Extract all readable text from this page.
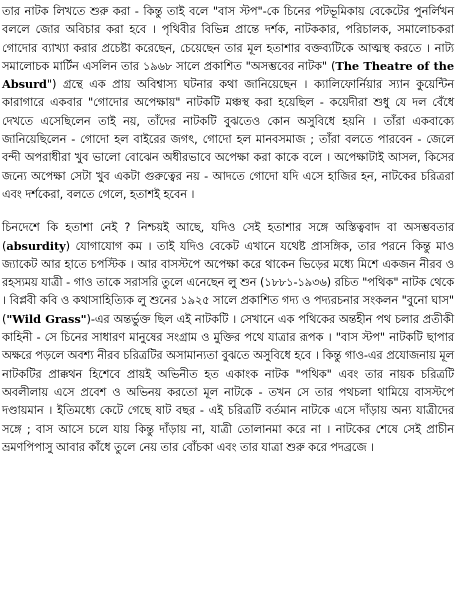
তার নাটক লিখতে শুরু করা - কিন্তু তাই বলে "বাস স্টপ"-কে চিনের পটভূমিকায় বেকেটের পুনর্লিখন বললে জোর অবিচার করা হবে । পৃথিবীর বিভিন্ন প্রান্তে দর্শক, নাটককার, পরিচালক, সমালোচকরা গোদোর ব্যাখ্যা করার প্রচেষ্টা করেছেন, চেয়েছেন তার মূল হতাশার বক্তব্যটিকে আত্মস্থ করতে । নাট্য সমালোচক মার্টিন এসলিন তার ১৯৬৮ সালে প্রকাশিত "অসম্ভবের নাটক" (The Theatre of the Absurd") গ্রন্থে এক প্রায় অবিশ্বাস্য ঘটনার কথা জানিয়েছেন । ক্যালিফোর্নিয়ার স্যান কুয়েন্টিন কারাগারে একবার "গোদোর অপেক্ষায়" নাটকটি মঞ্চস্থ করা হয়েছিল - কয়েদীরা শুধু যে দল বেঁধে দেখতে এসেছিলেন তাই নয়, তাঁদের নাটকটি বুঝতেও কোন অসুবিধে হয়নি । তাঁরা একবাক্যে জানিয়েছিলেন - গোদো হল বাইরের জগৎ, গোদো হল মানবসমাজ ; তাঁরা বলতে পারবেন - জেলে বন্দী অপরাধীরা খুব ভালো বোঝেন অধীরভাবে অপেক্ষা করা কাকে বলে । অপেক্ষাটাই আসল, কিসের জন্যে অপেক্ষা সেটা খুব একটা গুরুত্বের নয় - আদতে গোদো যদি এসে হাজির হন, নাটকের চরিত্ররা এবং দর্শকেরা, বলতে গেলে, হতাশই হবেন ।

চিনদেশে কি হতাশা নেই ? নিশ্চয়ই আছে, যদিও সেই হতাশার সঙ্গে অস্তিত্ববাদ বা অসম্ভবতার (absurdity) যোগাযোগ কম । তাই যদিও বেকেট এখানে যথেষ্ট প্রাসঙ্গিক, তার পরনে কিন্তু মাও জ্যাকেট আর হাতে চপস্টিক । আর বাসস্টপে অপেক্ষা করে থাকেন ভিড়ের মধ্যে মিশে একজন নীরব ও রহস্যময় যাত্রী - গাও তাকে সরাসরি তুলে এনেছেন লু শুন (১৮৮১-১৯৩৬) রচিত "পথিক" নাটক থেকে । বিপ্লবী কবি ও কথাসাহিত্যিক লু শুনের ১৯২৫ সালে প্রকাশিত গদ্য ও পদ্যরচনার সংকলন "বুনো ঘাস" ("Wild Grass")-এর অন্তর্ভুক্ত ছিল এই নাটকটি । সেখানে এক পথিকের অন্তহীন পথ চলার প্রতীকী কাহিনী - সে চিনের সাধারণ মানুষের সংগ্রাম ও মুক্তির পথে যাত্রার রূপক । "বাস স্টপ" নাটকটি ছাপার অক্ষরে পড়লে অবশ্য নীরব চরিত্রটির অসামান্যতা বুঝতে অসুবিধে হবে । কিন্তু গাও-এর প্রযোজনায় মূল নাটকটির প্রাক্কথন হিশেবে প্রায়ই অভিনীত হত একাংক নাটক "পথিক" এবং তার নায়ক চরিত্রটি অবলীলায় এসে প্রবেশ ও অভিনয় করতো মূল নাটকে - তখন সে তার পথচলা থামিয়ে বাসস্টপে দণ্ডায়মান । ইতিমধ্যে কেটে গেছে ষাট বছর - এই চরিত্রটি বর্তমান নাটকে এসে দাঁড়ায় অন্য যাত্রীদের সঙ্গে ; বাস আসে চলে যায় কিন্তু দাঁড়ায় না, যাত্রী তোলানমা করে না । নাটকের শেষে সেই প্রাচীন ভ্রমণপিপাসু আবার কাঁধে তুলে নেয় তার বোঁচকা এবং তার যাত্রা শুরু করে পদব্রজে ।
